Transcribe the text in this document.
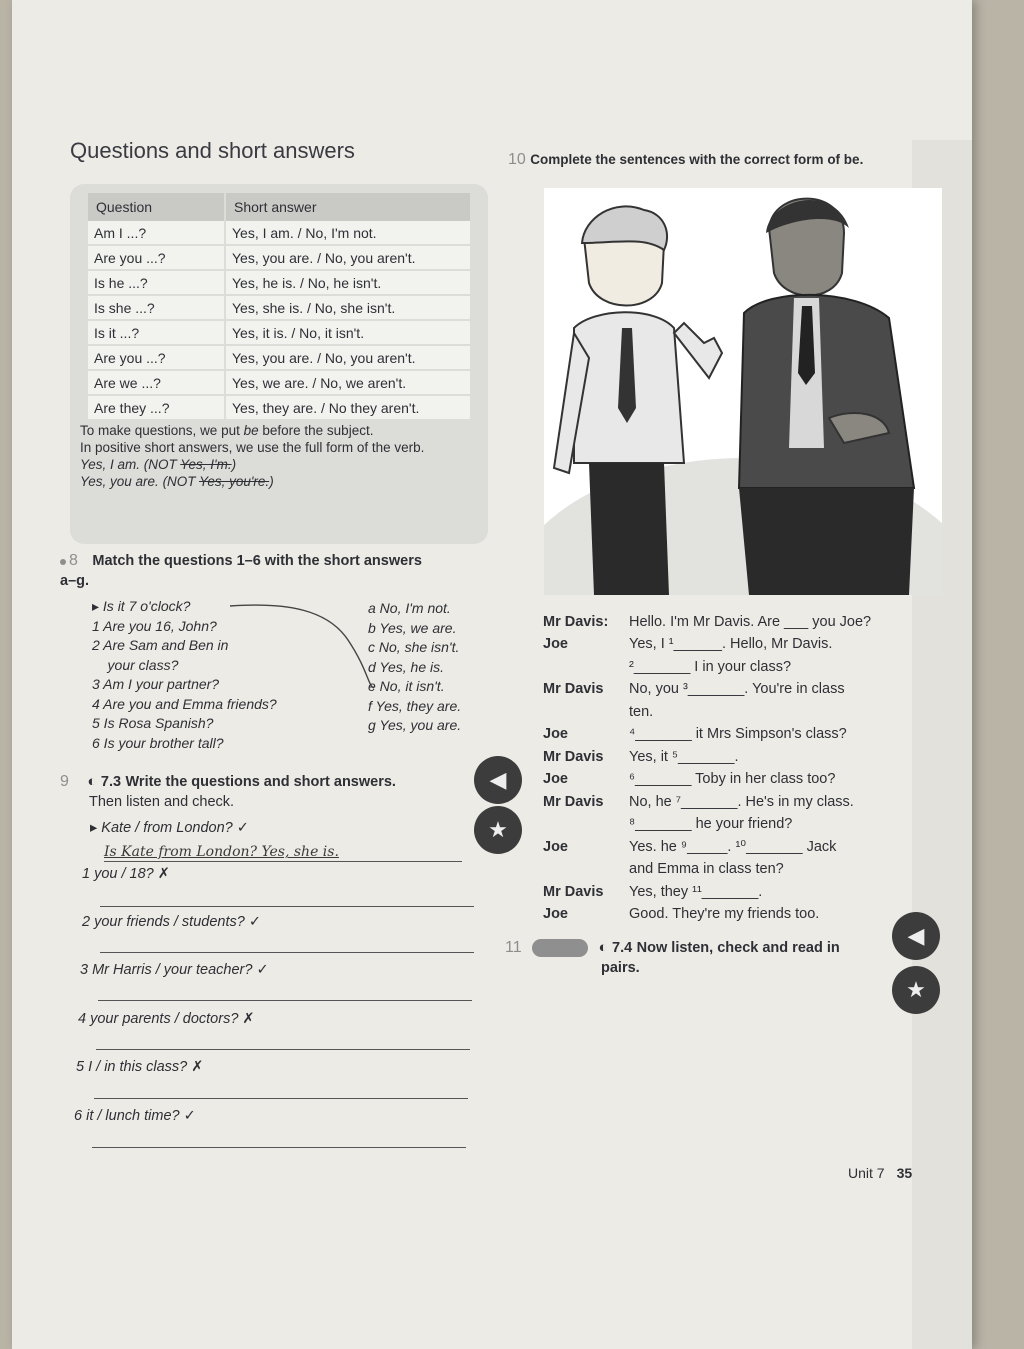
Questions and short answers
Question	Short answer
Am I ...?	Yes, I am. / No, I'm not.
Are you ...?	Yes, you are. / No, you aren't.
Is he ...?	Yes, he is. / No, he isn't.
Is she ...?	Yes, she is. / No, she isn't.
Is it ...?	Yes, it is. / No, it isn't.
Are you ...?	Yes, you are. / No, you aren't.
Are we ...?	Yes, we are. / No, we aren't.
Are they ...?	Yes, they are. / No they aren't.
To make questions, we put be before the subject.
In positive short answers, we use the full form of the verb.
Yes, I am. (NOT Yes, I'm.)
Yes, you are. (NOT Yes, you're.)
8 Match the questions 1–6 with the short answers a–g.
▸ Is it 7 o'clock?
1 Are you 16, John?
2 Are Sam and Ben in
your class?
3 Am I your partner?
4 Are you and Emma friends?
5 Is Rosa Spanish?
6 Is your brother tall?
a No, I'm not.
b Yes, we are.
c No, she isn't.
d Yes, he is.
e No, it isn't.
f Yes, they are.
g Yes, you are.
9 ◐ 7.3 Write the questions and short answers.
Then listen and check.
◀
★
▸ Kate / from London? ✓
Is Kate from London? Yes, she is.
1 you / 18? ✗
2 your friends / students? ✓
3 Mr Harris / your teacher? ✓
4 your parents / doctors? ✗
5 I / in this class? ✗
6 it / lunch time? ✓
10 Complete the sentences with the correct form of be.
Mr Davis:	Hello. I'm Mr Davis. Are ___ you Joe?
Joe	Yes, I ¹______. Hello, Mr Davis.
²_______ I in your class?
Mr Davis	No, you ³_______. You're in class
ten.
Joe	⁴_______ it Mrs Simpson's class?
Mr Davis	Yes, it ⁵_______.
Joe	⁶_______ Toby in her class too?
Mr Davis	No, he ⁷_______. He's in my class.
⁸_______ he your friend?
Joe	Yes. he ⁹_____. ¹⁰_______ Jack
and Emma in class ten?
Mr Davis	Yes, they ¹¹_______.
Joe	Good. They're my friends too.
11	◐ 7.4 Now listen, check and read in
pairs.
◀
★
Unit 7 35
